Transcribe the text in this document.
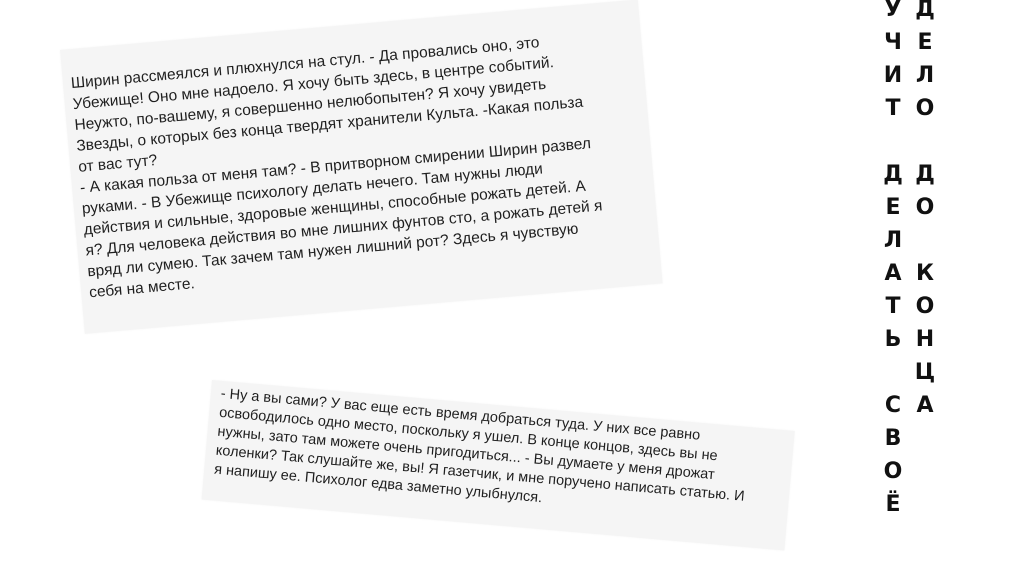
Ширин рассмеялся и плюхнулся на стул. - Да провались оно, это
Убежище! Оно мне надоело. Я хочу быть здесь, в центре событий.
Неужто, по-вашему, я совершенно нелюбопытен? Я хочу увидеть
Звезды, о которых без конца твердят хранители Культа. -Какая польза
от вас тут?
- А какая польза от меня там? - В притворном смирении Ширин развел
руками. - В Убежище психологу делать нечего. Там нужны люди
действия и сильные, здоровые женщины, способные рожать детей. А
я? Для человека действия во мне лишних фунтов сто, а рожать детей я
вряд ли сумею. Так зачем там нужен лишний рот? Здесь я чувствую
себя на месте.

- Ну а вы сами? У вас еще есть время добраться туда. У них все равно
освободилось одно место, поскольку я ушел. В конце концов, здесь вы не
нужны, зато там можете очень пригодиться... - Вы думаете у меня дрожат
коленки? Так слушайте же, вы! Я газетчик, и мне поручено написать статью. И
я напишу ее. Психолог едва заметно улыбнулся.

У
Ч
И
Т
Д
Е
Л
А
Т
Ь
С
В
О
Ё
Д
Е
Л
О
Д
О
К
О
Н
Ц
А
